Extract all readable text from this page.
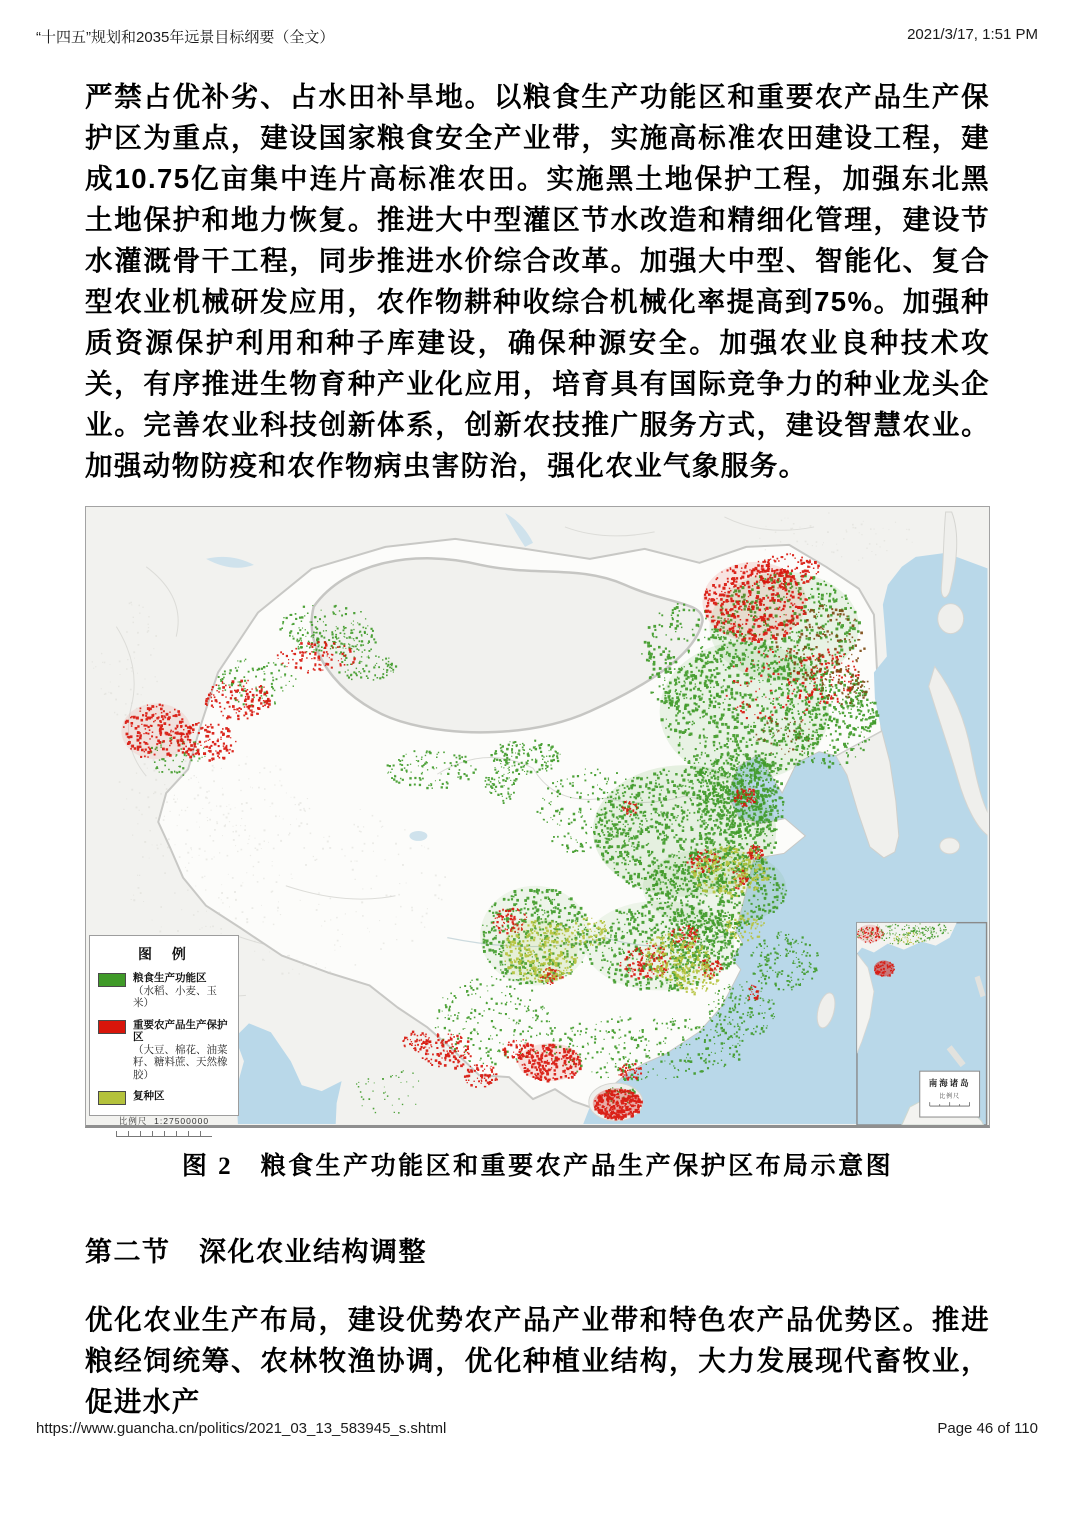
“十四五”规划和2035年远景目标纲要（全文）	2021/3/17, 1:51 PM

严禁占优补劣、占水田补旱地。以粮食生产功能区和重要农产品生产保护区为重点，建设国家粮食安全产业带，实施高标准农田建设工程，建成10.75亿亩集中连片高标准农田。实施黑土地保护工程，加强东北黑土地保护和地力恢复。推进大中型灌区节水改造和精细化管理，建设节水灌溉骨干工程，同步推进水价综合改革。加强大中型、智能化、复合型农业机械研发应用，农作物耕种收综合机械化率提高到75%。加强种质资源保护利用和种子库建设，确保种源安全。加强农业良种技术攻关，有序推进生物育种产业化应用，培育具有国际竞争力的种业龙头企业。完善农业科技创新体系，创新农技推广服务方式，建设智慧农业。加强动物防疫和农作物病虫害防治，强化农业气象服务。

南海诸岛
比例尺
图 例
粮食生产功能区
（水稻、小麦、玉米）
重要农产品生产保护区
（大豆、棉花、油菜籽、糖料蔗、天然橡胶）
复种区
比例尺 1:27500000
图 2　粮食生产功能区和重要农产品生产保护区布局示意图
第二节　深化农业结构调整

优化农业生产布局，建设优势农产品产业带和特色农产品优势区。推进粮经饲统筹、农林牧渔协调，优化种植业结构，大力发展现代畜牧业，促进水产

https://www.guancha.cn/politics/2021_03_13_583945_s.shtml	Page 46 of 110
